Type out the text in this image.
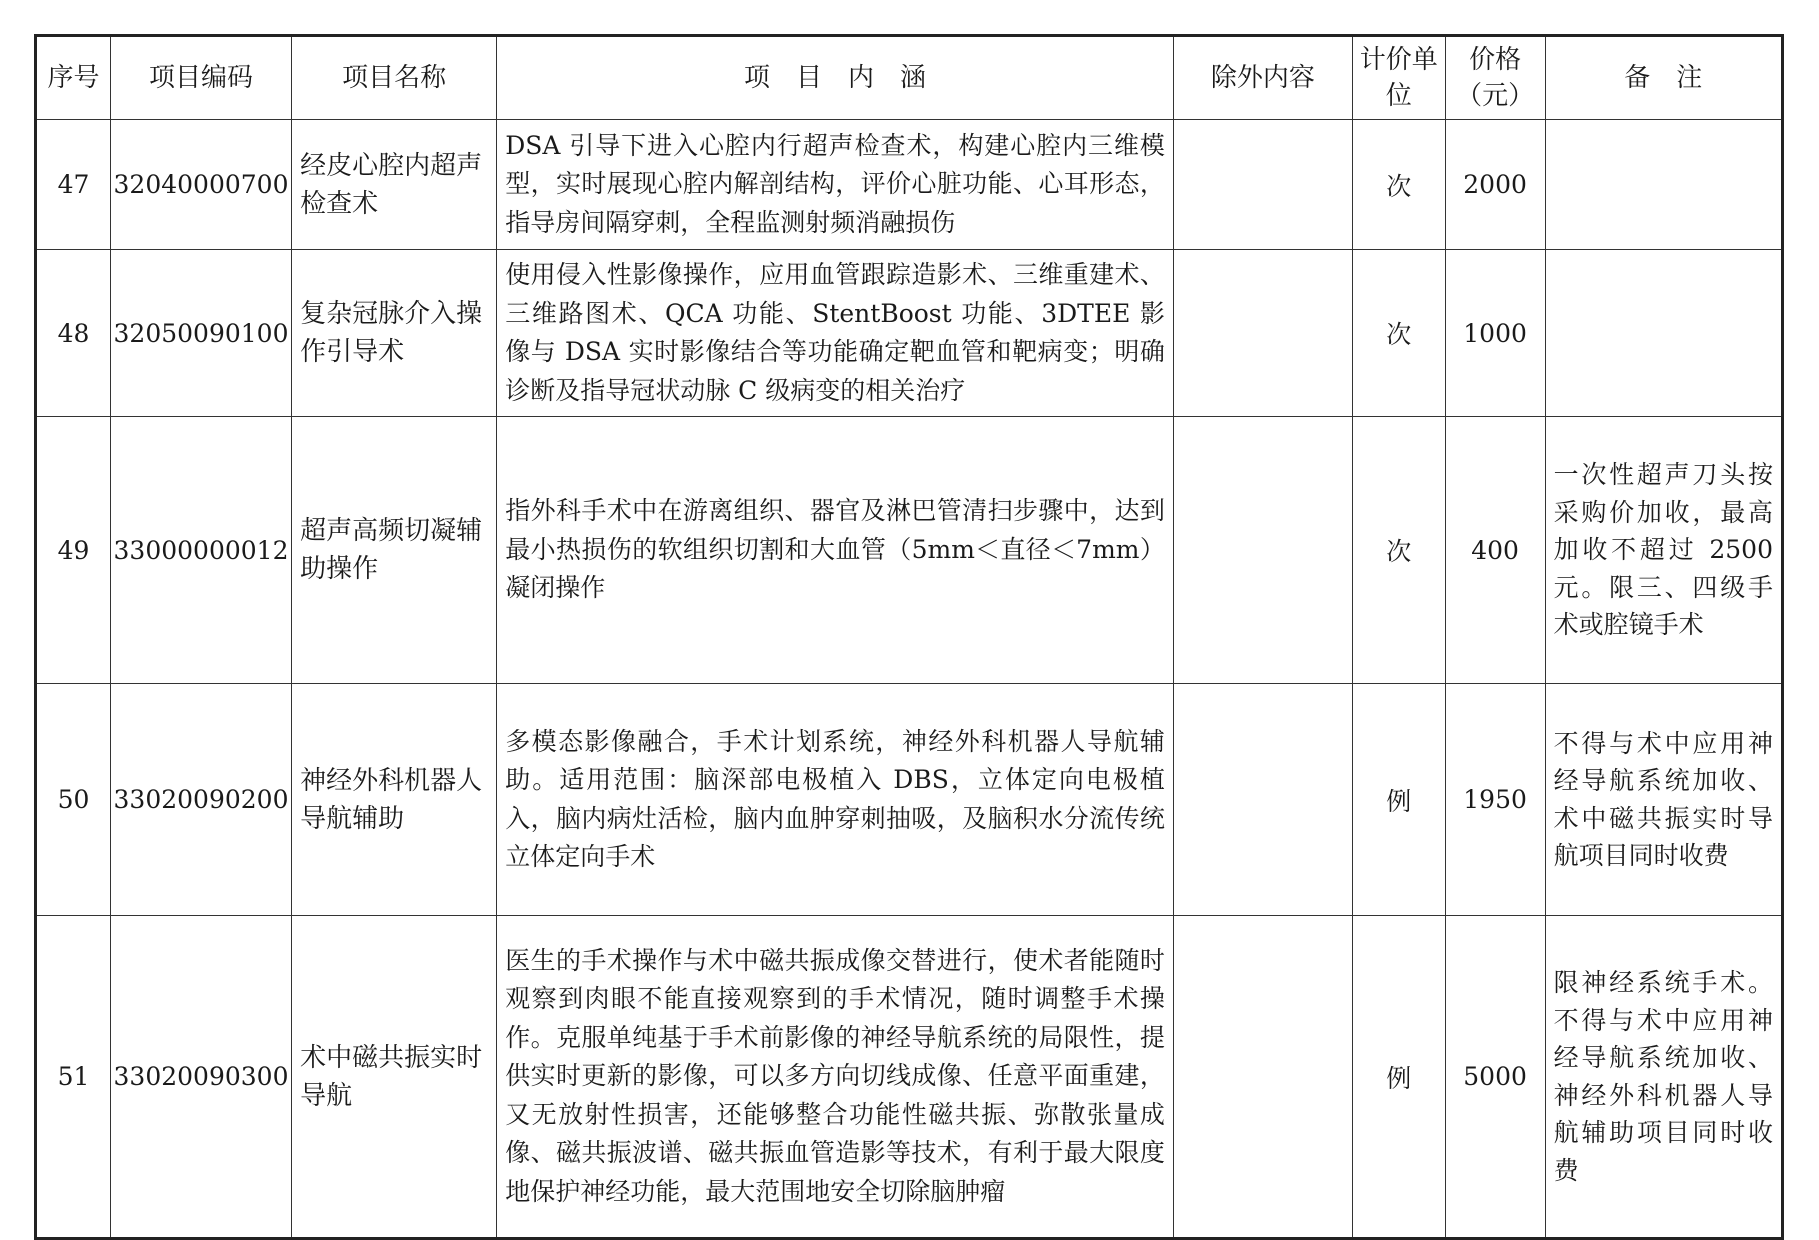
序号	项目编码	项目名称	项　目　内　涵	除外内容	计价单位	价格（元）	备　注
47	32040000700	经皮心腔内超声检查术	DSA 引导下进入心腔内行超声检查术，构建心腔内三维模型，实时展现心腔内解剖结构，评价心脏功能、心耳形态，指导房间隔穿刺，全程监测射频消融损伤		次	2000	
48	32050090100	复杂冠脉介入操作引导术	使用侵入性影像操作，应用血管跟踪造影术、三维重建术、三维路图术、QCA 功能、StentBoost 功能、3DTEE 影像与 DSA 实时影像结合等功能确定靶血管和靶病变；明确诊断及指导冠状动脉 C 级病变的相关治疗		次	1000	
49	33000000012	超声高频切凝辅助操作	指外科手术中在游离组织、器官及淋巴管清扫步骤中，达到最小热损伤的软组织切割和大血管（5mm＜直径＜7mm）凝闭操作		次	400	一次性超声刀头按采购价加收，最高加收不超过 2500 元。限三、四级手术或腔镜手术
50	33020090200	神经外科机器人导航辅助	多模态影像融合，手术计划系统，神经外科机器人导航辅助。适用范围：脑深部电极植入 DBS，立体定向电极植入，脑内病灶活检，脑内血肿穿刺抽吸，及脑积水分流传统立体定向手术		例	1950	不得与术中应用神经导航系统加收、术中磁共振实时导航项目同时收费
51	33020090300	术中磁共振实时导航	医生的手术操作与术中磁共振成像交替进行，使术者能随时观察到肉眼不能直接观察到的手术情况，随时调整手术操作。克服单纯基于手术前影像的神经导航系统的局限性，提供实时更新的影像，可以多方向切线成像、任意平面重建，又无放射性损害，还能够整合功能性磁共振、弥散张量成像、磁共振波谱、磁共振血管造影等技术，有利于最大限度地保护神经功能，最大范围地安全切除脑肿瘤		例	5000	限神经系统手术。不得与术中应用神经导航系统加收、神经外科机器人导航辅助项目同时收费
